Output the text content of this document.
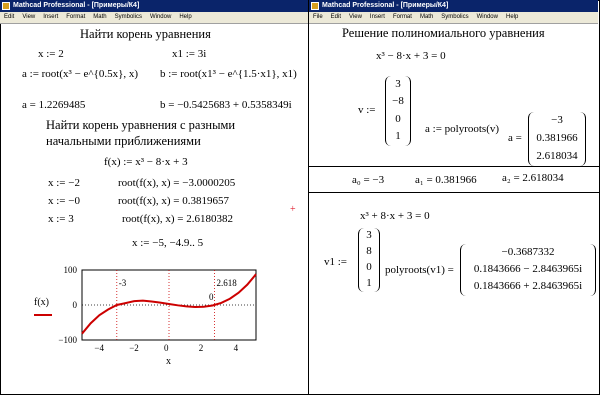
Mathcad Professional - [Примеры/К4]
Edit View Insert Format Math Symbolics Window Help
Найти корень уравнения
x := 2	x1 := 3i
a := root(x³ − e^{0.5x}, x) b := root(x1³ − e^{1.5·x1}, x1)
a = 1.2269485	b = −0.5425683 + 0.5358349i
Найти корень уравнения с разными
начальными приближениями
f(x) := x³ − 8·x + 3
x := −2	root(f(x), x) = −3.0000205
x := −0	root(f(x), x) = 0.3819657
x := 3	root(f(x), x) = 2.6180382
x := −5, −4.9.. 5
+
-3
0
2.618
−4	−2	0	2	4
100
0
−100
x
f(x)
Mathcad Professional - [Примеры/К4]
File Edit View Insert Format Math Symbolics Window Help
Решение полиномиального уравнения
x³ − 8·x + 3 = 0
v :=
3
−8
0
1
a := polyroots(v)
a =
−3
0.381966
2.618034
a₀ = −3	a₁ = 0.381966 a₂ = 2.618034
x³ + 8·x + 3 = 0
v1 :=
3
8
0
1
polyroots(v1) =
−0.3687332
0.1843666 − 2.8463965i
0.1843666 + 2.8463965i
